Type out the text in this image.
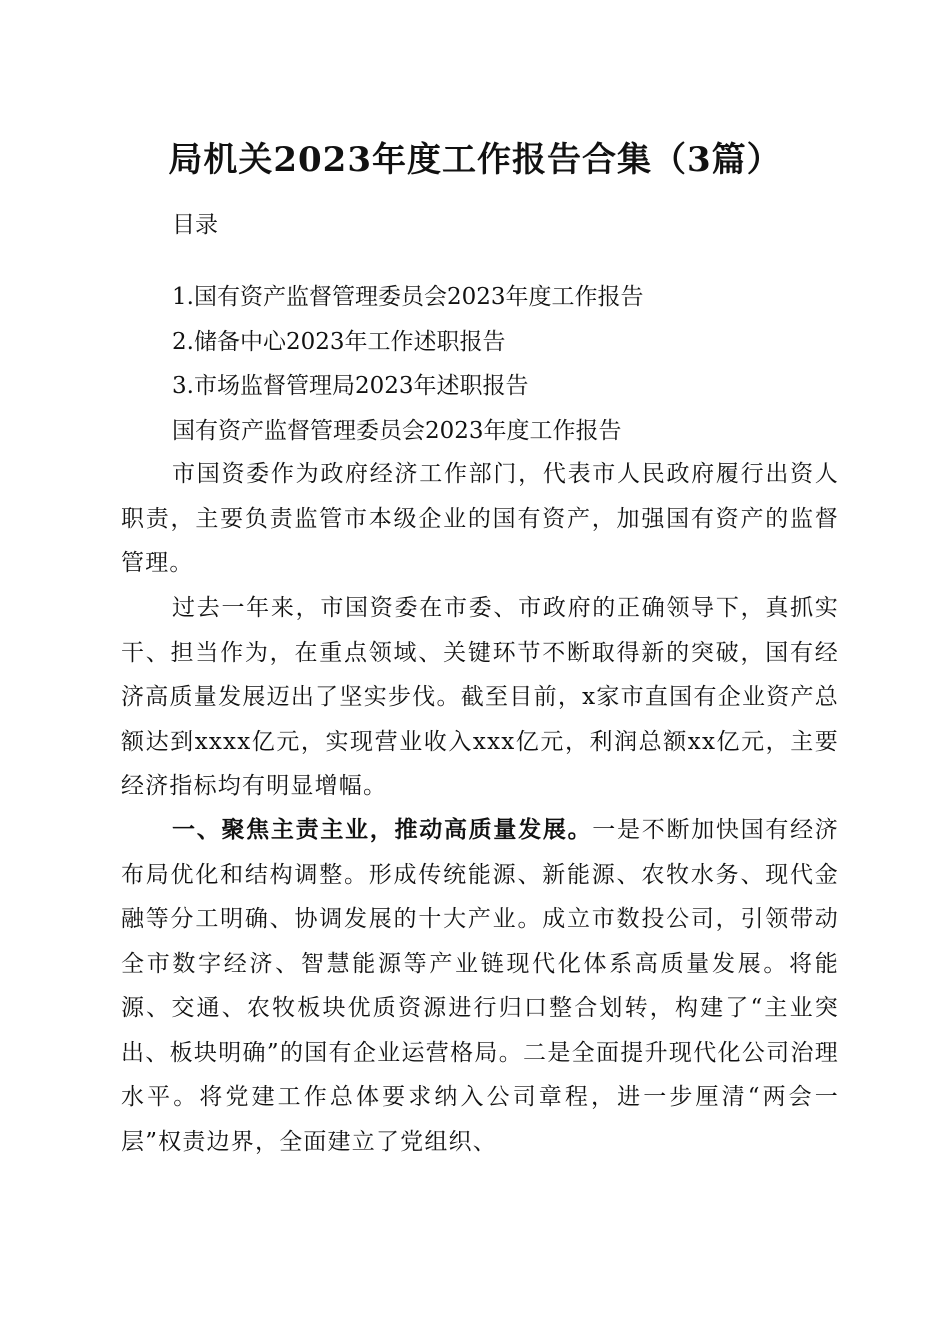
局机关2023年度工作报告合集（3篇）
目录
1.国有资产监督管理委员会2023年度工作报告
2.储备中心2023年工作述职报告
3.市场监督管理局2023年述职报告
国有资产监督管理委员会2023年度工作报告
市国资委作为政府经济工作部门，代表市人民政府履行出资人职责，主要负责监管市本级企业的国有资产，加强国有资产的监督管理。
过去一年来，市国资委在市委、市政府的正确领导下，真抓实干、担当作为，在重点领域、关键环节不断取得新的突破，国有经济高质量发展迈出了坚实步伐。截至目前，x家市直国有企业资产总额达到xxxx亿元，实现营业收入xxx亿元，利润总额xx亿元，主要经济指标均有明显增幅。
一、聚焦主责主业，推动高质量发展。一是不断加快国有经济布局优化和结构调整。形成传统能源、新能源、农牧水务、现代金融等分工明确、协调发展的十大产业。成立市数投公司，引领带动全市数字经济、智慧能源等产业链现代化体系高质量发展。将能源、交通、农牧板块优质资源进行归口整合划转，构建了“主业突出、板块明确”的国有企业运营格局。二是全面提升现代化公司治理水平。将党建工作总体要求纳入公司章程，进一步厘清“两会一层”权责边界，全面建立了党组织、
